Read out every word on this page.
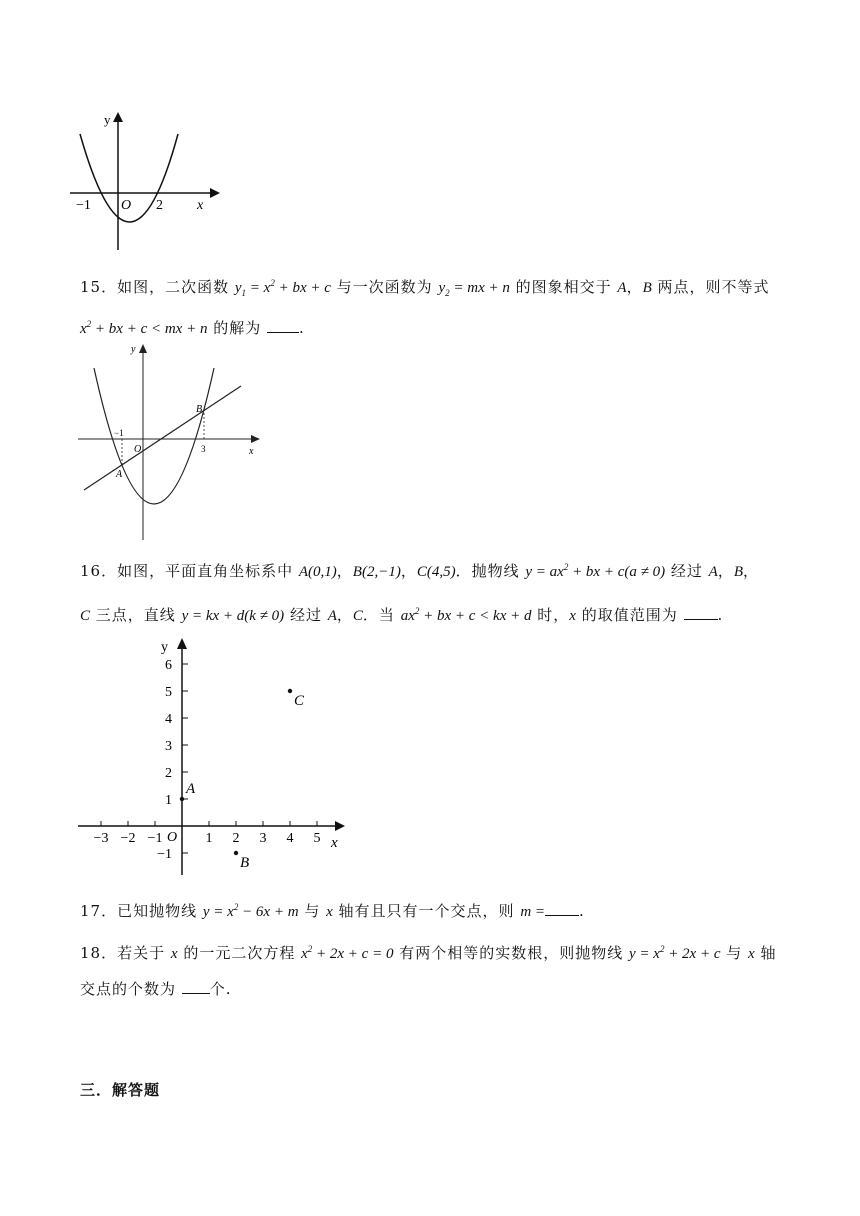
y
x
O
−1	2
15．如图，二次函数 $y_1 = x^2$ + bx + c 与一次函数为 $y_2$ = mx + n 的图象相交于 A，B 两点，则不等式
$x^2$ + bx + c < mx + n 的解为 .
y
x
O
−1
3
A
B
16．如图，平面直角坐标系中 A(0,1)，B(2,−1)，C(4,5)．抛物线 $y = ax^2$ + bx + c(a ≠ 0) 经过 A，B，
C 三点，直线 y = kx + d(k ≠ 0) 经过 A，C．当 $ax^2$ + bx + c < kx + d 时，x 的取值范围为 .
y
x
O
−3 −2 −1	1 2 3 4 5
6
5
4
3
2
1
−1
A
B
C
17．已知抛物线 $y = x^2 - 6x + m$ 与 x 轴有且只有一个交点，则 m = .
18．若关于 x 的一元二次方程 $x^2 + 2x + c = 0$ 有两个相等的实数根，则抛物线 $y = x^2 + 2x + c$ 与 x 轴
交点的个数为 个.
三．解答题
